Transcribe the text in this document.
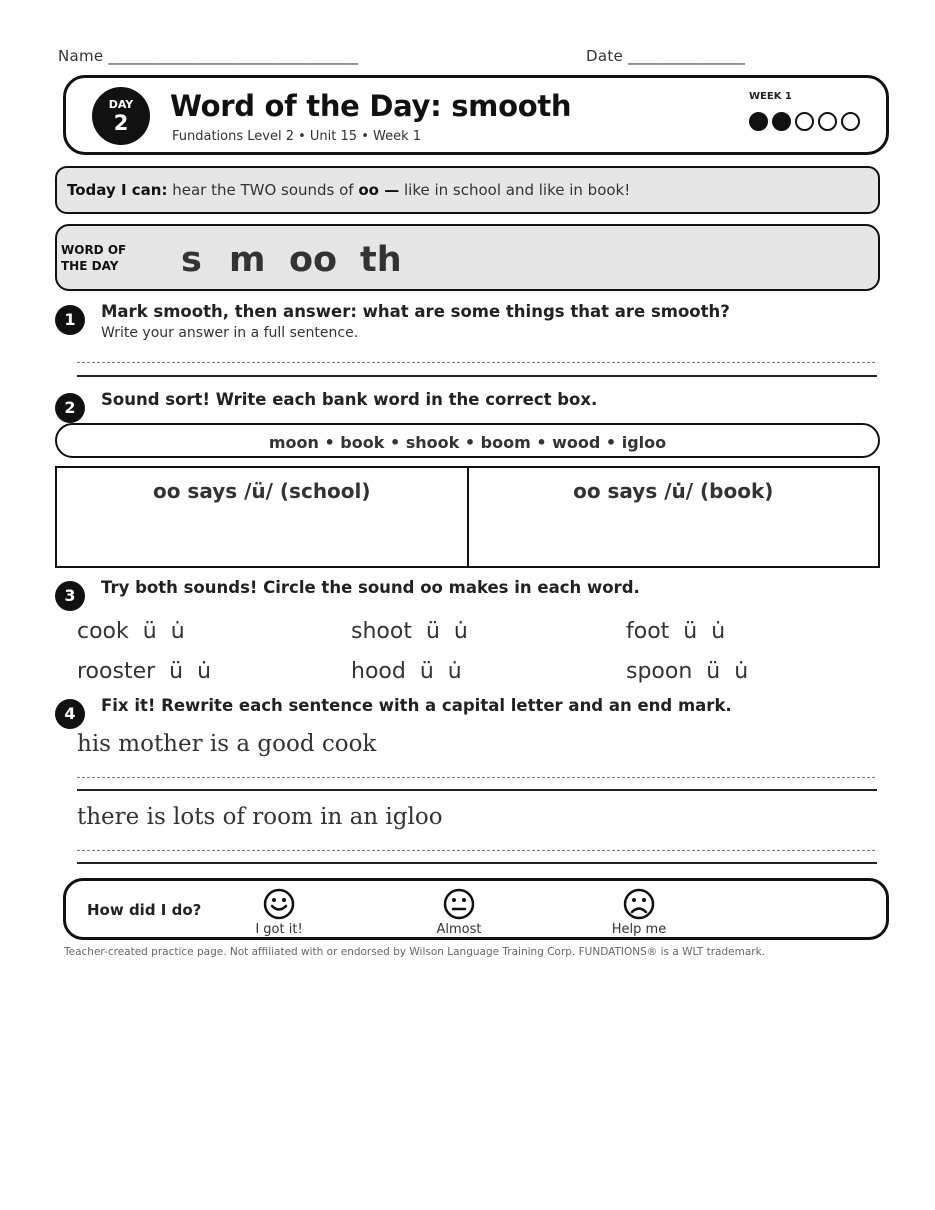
Name ________________________________	Date _______________
DAY
2	Word of the Day: smooth
Fundations Level 2 • Unit 15 • Week 1
WEEK 1
Today I can: hear the TWO sounds of oo — like in school and like in book!
WORD OF
THE DAY s m oo th
1	Mark smooth, then answer: what are some things that are smooth?
Write your answer in a full sentence.
2	Sound sort! Write each bank word in the correct box.
moon • book • shook • boom • wood • igloo
oo says /ü/ (school)	oo says /u̇/ (book)
3	Try both sounds! Circle the sound oo makes in each word.
cook ü u̇	shoot ü u̇	foot ü u̇
rooster ü u̇	hood ü u̇	spoon ü u̇
4	Fix it! Rewrite each sentence with a capital letter and an end mark.
his mother is a good cook
there is lots of room in an igloo
How did I do?
I got it!	Almost	Help me
Teacher-created practice page. Not affiliated with or endorsed by Wilson Language Training Corp. FUNDATIONS® is a WLT trademark.
